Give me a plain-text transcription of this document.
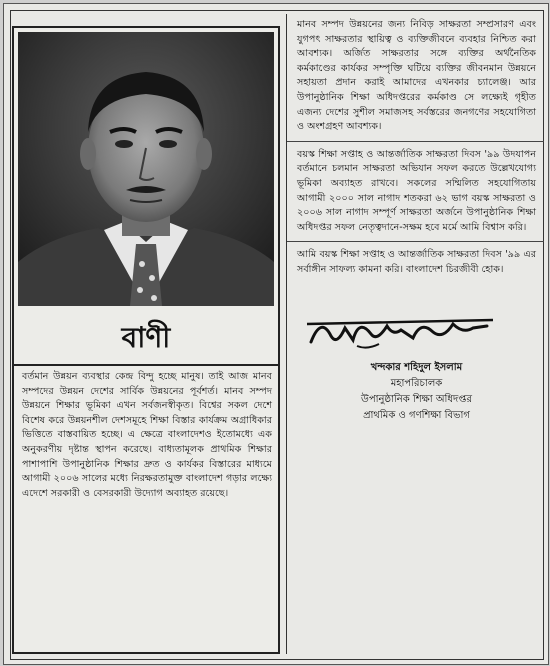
বাণী
বর্তমান উন্নয়ন ব্যবস্থার কেন্দ্র বিন্দু হচ্ছে মানুষ। তাই আজ মানব সম্পদের উন্নয়ন দেশের সার্বিক উন্নয়নের পূর্বশর্ত। মানব সম্পদ উন্নয়নে শিক্ষার ভূমিকা এখন সর্বজনস্বীকৃত। বিশ্বের সকল দেশে বিশেষ করে উন্নয়নশীল দেশসমূহে শিক্ষা বিস্তার কার্যক্রম অগ্রাধিকার ভিত্তিতে বাস্তবায়িত হচ্ছে। এ ক্ষেত্রে বাংলাদেশও ইতোমধ্যে এক অনুকরণীয় দৃষ্টান্ত স্থাপন করেছে। বাধ্যতামূলক প্রাথমিক শিক্ষার পাশাপাশি উপানুষ্ঠানিক শিক্ষার দ্রুত ও কার্যকর বিস্তারের মাধ্যমে আগামী ২০০৬ সালের মধ্যে নিরক্ষরতামুক্ত বাংলাদেশ গড়ার লক্ষ্যে এদেশে সরকারী ও বেসরকারী উদ্যোগ অব্যাহত রয়েছে।

মানব সম্পদ উন্নয়নের জন্য নিবিড় সাক্ষরতা সম্প্রসারণ এবং যুগপৎ সাক্ষরতার স্থায়িত্ব ও ব্যক্তিজীবনে ব্যবহার নিশ্চিত করা আবশ্যক। অর্জিত সাক্ষরতার সঙ্গে ব্যক্তির অর্থনৈতিক কর্মকাণ্ডের কার্যকর সম্পৃক্তি ঘটিয়ে ব্যক্তির জীবনমান উন্নয়নে সহায়তা প্রদান করাই আমাদের এখনকার চ্যালেঞ্জ। আর উপানুষ্ঠানিক শিক্ষা অধিদপ্তরের কর্মকাণ্ড সে লক্ষ্যেই গৃহীত এজন্য দেশের সুশীল সমাজসহ সর্বস্তরের জনগণের সহযোগিতা ও অংশগ্রহণ আবশ্যক।

বয়স্ক শিক্ষা সপ্তাহ ও আন্তর্জাতিক সাক্ষরতা দিবস '৯৯ উদযাপন বর্তমানে চলমান সাক্ষরতা অভিযান সফল করতে উল্লেখযোগ্য ভূমিকা অব্যাহত রাখবে। সকলের সম্মিলিত সহযোগিতায় আগামী ২০০০ সাল নাগাদ শতকরা ৬২ ভাগ বয়স্ক সাক্ষরতা ও ২০০৬ সাল নাগাদ সম্পূর্ণ সাক্ষরতা অর্জনে উপানুষ্ঠানিক শিক্ষা অধিদপ্তর সফল নেতৃত্বদানে-সক্ষম হবে মর্মে আমি বিশ্বাস করি।

আমি বয়স্ক শিক্ষা সপ্তাহ ও আন্তর্জাতিক সাক্ষরতা দিবস '৯৯ এর সর্বাঙ্গীন সাফল্য কামনা করি। বাংলাদেশ চিরজীবী হোক।

খন্দকার শহিদুল ইসলাম
মহাপরিচালক
উপানুষ্ঠানিক শিক্ষা অধিদপ্তর
প্রাথমিক ও গণশিক্ষা বিভাগ
